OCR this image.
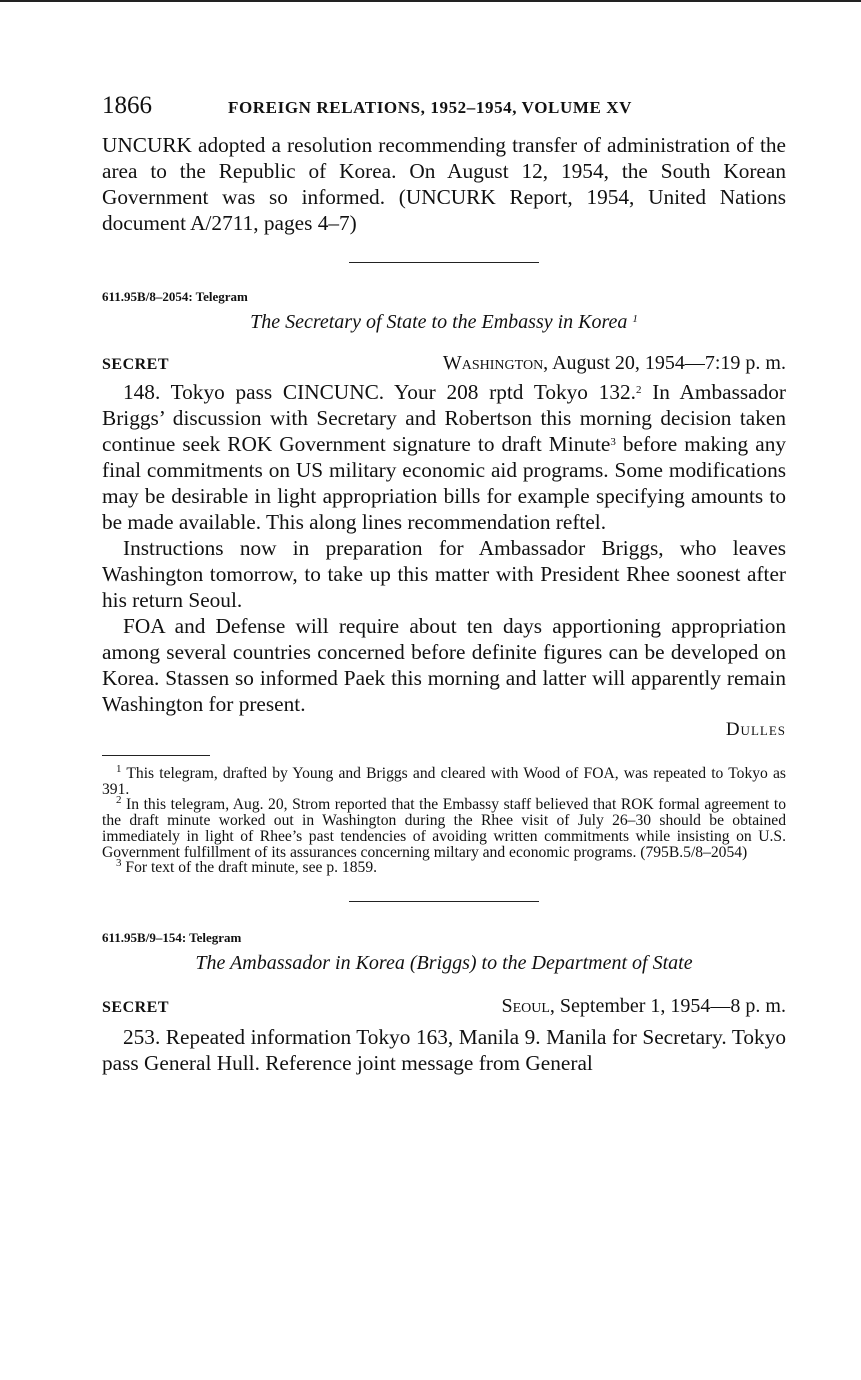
1866	FOREIGN RELATIONS, 1952–1954, VOLUME XV

UNCURK adopted a resolution recommending transfer of administration of the area to the Republic of Korea. On August 12, 1954, the South Korean Government was so informed. (UNCURK Report, 1954, United Nations document A/2711, pages 4–7)

611.95B/8–2054: Telegram

The Secretary of State to the Embassy in Korea $^1$

SECRET	Washington, August 20, 1954—7:19 p. m.

148. Tokyo pass CINCUNC. Your 208 rptd Tokyo 132.$^2$ In Ambassador Briggs’ discussion with Secretary and Robertson this morning decision taken continue seek ROK Government signature to draft Minute$^3$ before making any final commitments on US military economic aid programs. Some modifications may be desirable in light appropriation bills for example specifying amounts to be made available. This along lines recommendation reftel.

Instructions now in preparation for Ambassador Briggs, who leaves Washington tomorrow, to take up this matter with President Rhee soonest after his return Seoul.

FOA and Defense will require about ten days apportioning appropriation among several countries concerned before definite figures can be developed on Korea. Stassen so informed Paek this morning and latter will apparently remain Washington for present.

Dulles

$^1$ This telegram, drafted by Young and Briggs and cleared with Wood of FOA, was repeated to Tokyo as 391.

$^2$ In this telegram, Aug. 20, Strom reported that the Embassy staff believed that ROK formal agreement to the draft minute worked out in Washington during the Rhee visit of July 26–30 should be obtained immediately in light of Rhee’s past tendencies of avoiding written commitments while insisting on U.S. Government fulfillment of its assurances concerning miltary and economic programs. (795B.5/8–2054)

$^3$ For text of the draft minute, see p. 1859.

611.95B/9–154: Telegram

The Ambassador in Korea (Briggs) to the Department of State

SECRET	Seoul, September 1, 1954—8 p. m.

253. Repeated information Tokyo 163, Manila 9. Manila for Secretary. Tokyo pass General Hull. Reference joint message from General
